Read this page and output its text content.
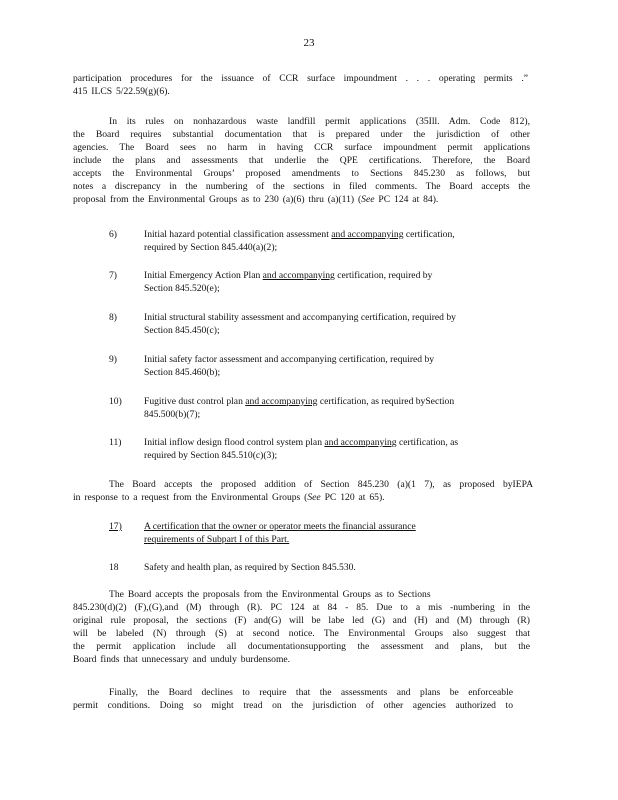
23
participation procedures for the issuance of CCR surface impoundment . . . operating permits .”
415 ILCS 5/22.59(g)(6).
In its rules on nonhazardous waste landfill permit applications (35Ill. Adm. Code 812),
the Board requires substantial documentation that is prepared under the jurisdiction of other
agencies. The Board sees no harm in having CCR surface impoundment permit applications
include the plans and assessments that underlie the QPE certifications. Therefore, the Board
accepts the Environmental Groups’ proposed amendments to Sections 845.230 as follows, but
notes a discrepancy in the numbering of the sections in filed comments. The Board accepts the
proposal from the Environmental Groups as to 230 (a)(6) thru (a)(11) (See PC 124 at 84).
6)	Initial hazard potential classification assessment and accompanying certification,
required by Section 845.440(a)(2);
7)	Initial Emergency Action Plan and accompanying certification, required by
Section 845.520(e);
8)	Initial structural stability assessment and accompanying certification, required by
Section 845.450(c);
9)	Initial safety factor assessment and accompanying certification, required by
Section 845.460(b);
10) Fugitive dust control plan and accompanying certification, as required bySection
845.500(b)(7);
11) Initial inflow design flood control system plan and accompanying certification, as
required by Section 845.510(c)(3);
The Board accepts the proposed addition of Section 845.230 (a)(1 7), as proposed byIEPA
in response to a request from the Environmental Groups (See PC 120 at 65).
17) A certification that the owner or operator meets the financial assurance
requirements of Subpart I of this Part.
18	Safety and health plan, as required by Section 845.530.
The Board accepts the proposals from the Environmental Groups as to Sections
845.230(d)(2) (F),(G),and (M) through (R). PC 124 at 84 - 85. Due to a mis -numbering in the
original rule proposal, the sections (F) and(G) will be labe led (G) and (H) and (M) through (R)
will be labeled (N) through (S) at second notice. The Environmental Groups also suggest that
the permit application include all documentationsupporting the assessment and plans, but the
Board finds that unnecessary and unduly burdensome.
Finally, the Board declines to require that the assessments and plans be enforceable
permit conditions. Doing so might tread on the jurisdiction of other agencies authorized to
